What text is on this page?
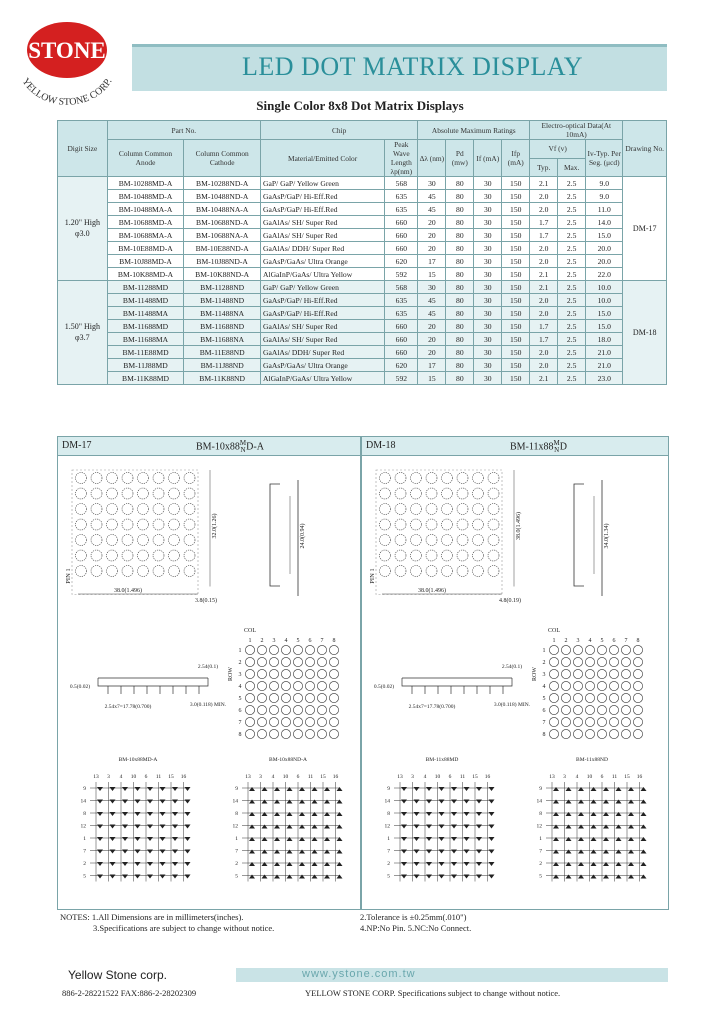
STONE
YELLOW STONE CORP.	LED DOT MATRIX DISPLAY
Single Color 8x8 Dot Matrix Displays
Digit Size	Part No.		Chip		Absolute Maximum Ratings				Electro-optical Data(At 10mA)			Drawing No.
	Column Common Anode	Column Common Cathode	Material/Emitted Color	Peak Wave Length λp(nm)	Δλ (nm)	Pd (mw)	If (mA)	Ifp (mA)	Vf (v)		Iv-Typ. Per Seg. (μcd)	
									Typ.	Max.		
1.20" High φ3.0	BM-10288MD-A	BM-10288ND-A	GaP/ GaP/ Yellow Green	568	30	80	30	150	2.1	2.5	9.0	DM-17
	BM-10488MD-A	BM-10488ND-A	GaAsP/GaP/ Hi-Eff.Red	635	45	80	30	150	2.0	2.5	9.0	
	BM-10488MA-A	BM-10488NA-A	GaAsP/GaP/ Hi-Eff.Red	635	45	80	30	150	2.0	2.5	11.0	
	BM-10688MD-A	BM-10688ND-A	GaAlAs/ SH/ Super Red	660	20	80	30	150	1.7	2.5	14.0	
	BM-10688MA-A	BM-10688NA-A	GaAlAs/ SH/ Super Red	660	20	80	30	150	1.7	2.5	15.0	
	BM-10E88MD-A	BM-10E88ND-A	GaAlAs/ DDH/ Super Red	660	20	80	30	150	2.0	2.5	20.0	
	BM-10J88MD-A	BM-10J88ND-A	GaAsP/GaAs/ Ultra Orange	620	17	80	30	150	2.0	2.5	20.0	
	BM-10K88MD-A	BM-10K88ND-A	AlGaInP/GaAs/ Ultra Yellow	592	15	80	30	150	2.1	2.5	22.0	
1.50" High φ3.7	BM-11288MD	BM-11288ND	GaP/ GaP/ Yellow Green	568	30	80	30	150	2.1	2.5	10.0	DM-18
	BM-11488MD	BM-11488ND	GaAsP/GaP/ Hi-Eff.Red	635	45	80	30	150	2.0	2.5	10.0	
	BM-11488MA	BM-11488NA	GaAsP/GaP/ Hi-Eff.Red	635	45	80	30	150	2.0	2.5	15.0	
	BM-11688MD	BM-11688ND	GaAlAs/ SH/ Super Red	660	20	80	30	150	1.7	2.5	15.0	
	BM-11688MA	BM-11688NA	GaAlAs/ SH/ Super Red	660	20	80	30	150	1.7	2.5	18.0	
	BM-11E88MD	BM-11E88ND	GaAlAs/ DDH/ Super Red	660	20	80	30	150	2.0	2.5	21.0	
	BM-11J88MD	BM-11J88ND	GaAsP/GaAs/ Ultra Orange	620	17	80	30	150	2.0	2.5	21.0	
	BM-11K88MD	BM-11K88ND	AlGaInP/GaAs/ Ultra Yellow	592	15	80	30	150	2.1	2.5	23.0	
DM-17	BM-10x88M
ND-A
PIN 1
38.0(1.496)
3.8(0.15)
32.0(1.26)	24.0(0.94)
2.54(0.1)
0.5(0.02)
2.54x7=17.78(0.700)	3.0(0.118) MIN.
COL
ROW
1 2 3 4 5 6 7 8
1
2
3
4
5
6
7
8
BM-10x88MD-A	BM-10x88ND-A
13 3 4 10 6 11 15 16
9
14
8
12
1
7
2
5
13 3 4 10 6 11 15 16
9
14
8
12
1
7
2
5
DM-18	BM-11x88M
ND
PIN 1
38.0(1.496)
4.8(0.19)
38.0(1.496)	34.0(1.34)
2.54(0.1)
0.5(0.02)
2.54x7=17.78(0.700)	3.0(0.118) MIN.
COL
ROW
1 2 3 4 5 6 7 8
1
2
3
4
5
6
7
8
BM-11x88MD	BM-11x88ND
13 3 4 10 6 11 15 16
9
14
8
12
1
7
2
5
13 3 4 10 6 11 15 16
9
14
8
12
1
7
2
5
NOTES: 1.All Dimensions are in millimeters(inches).
3.Specifications are subject to change without notice.
2.Tolerance is ±0.25mm(.010")
4.NP:No Pin. 5.NC:No Connect.
Yellow Stone corp.	www.ystone.com.tw
886-2-28221522 FAX:886-2-28202309	YELLOW STONE CORP. Specifications subject to change without notice.
